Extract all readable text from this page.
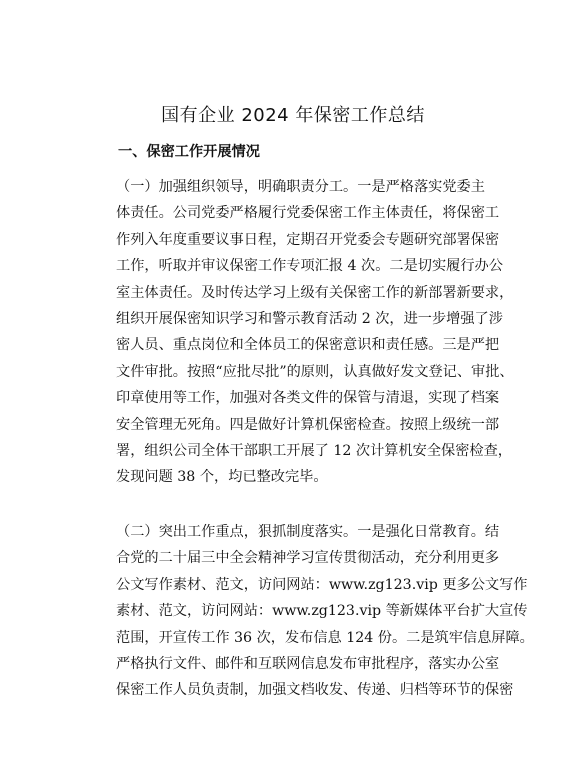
国有企业 2024 年保密工作总结
一、保密工作开展情况
（一）加强组织领导，明确职责分工。一是严格落实党委主
体责任。公司党委严格履行党委保密工作主体责任，将保密工
作列入年度重要议事日程，定期召开党委会专题研究部署保密
工作，听取并审议保密工作专项汇报 4 次。二是切实履行办公
室主体责任。及时传达学习上级有关保密工作的新部署新要求，
组织开展保密知识学习和警示教育活动 2 次，进一步增强了涉
密人员、重点岗位和全体员工的保密意识和责任感。三是严把
文件审批。按照“应批尽批”的原则，认真做好发文登记、审批、
印章使用等工作，加强对各类文件的保管与清退，实现了档案
安全管理无死角。四是做好计算机保密检查。按照上级统一部
署，组织公司全体干部职工开展了 12 次计算机安全保密检查，
发现问题 38 个，均已整改完毕。
（二）突出工作重点，狠抓制度落实。一是强化日常教育。结
合党的二十届三中全会精神学习宣传贯彻活动，充分利用更多
公文写作素材、范文，访问网站：www.zg123.vip 更多公文写作
素材、范文，访问网站：www.zg123.vip 等新媒体平台扩大宣传
范围，开宣传工作 36 次，发布信息 124 份。二是筑牢信息屏障。
严格执行文件、邮件和互联网信息发布审批程序，落实办公室
保密工作人员负责制，加强文档收发、传递、归档等环节的保密
